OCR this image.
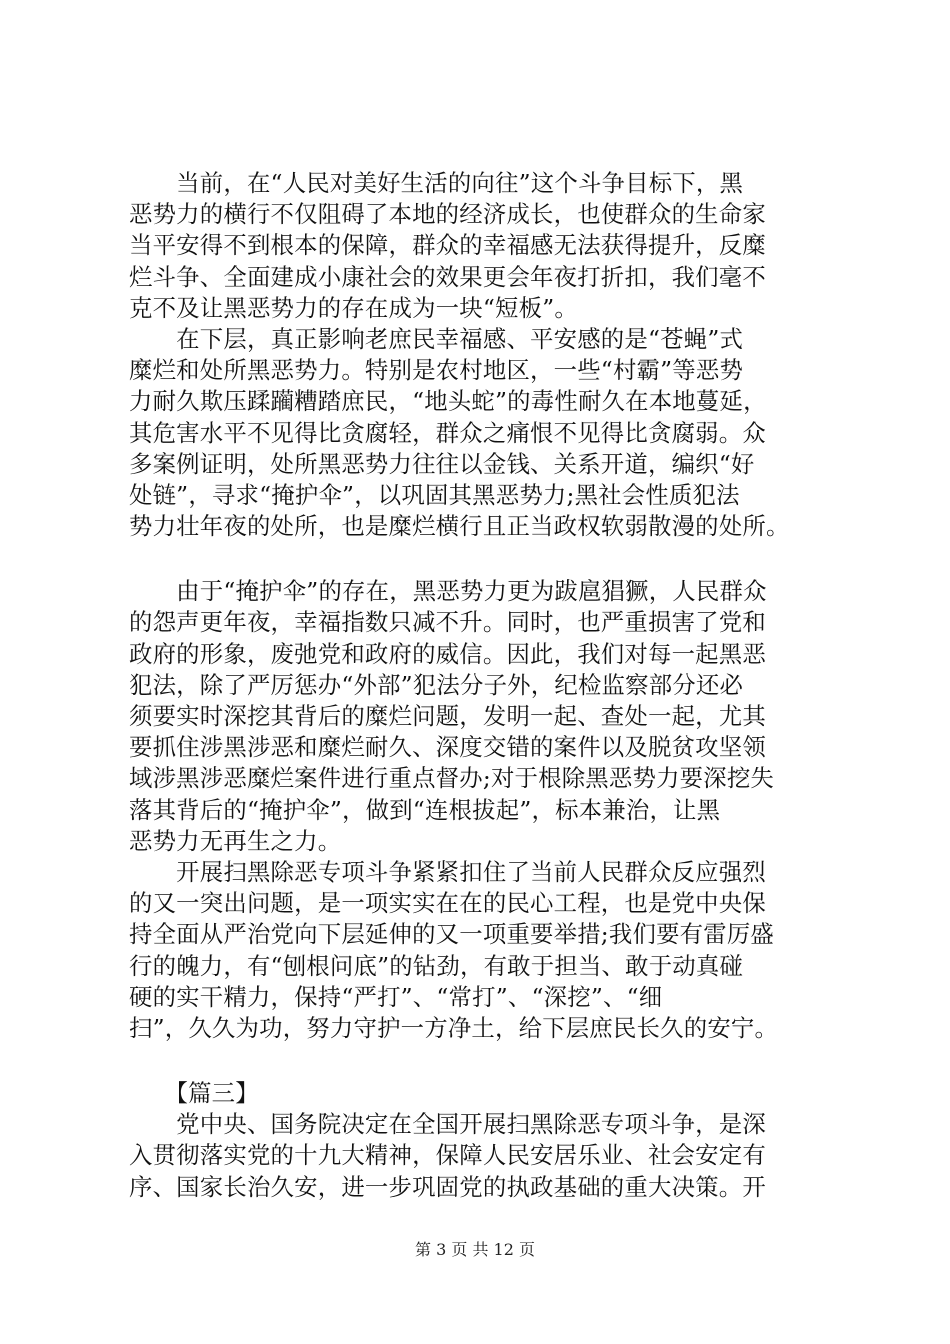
　　当前，在“人民对美好生活的向往”这个斗争目标下，黑
恶势力的横行不仅阻碍了本地的经济成长，也使群众的生命家
当平安得不到根本的保障，群众的幸福感无法获得提升，反糜
烂斗争、全面建成小康社会的效果更会年夜打折扣，我们毫不
克不及让黑恶势力的存在成为一块“短板”。
　　在下层，真正影响老庶民幸福感、平安感的是“苍蝇”式
糜烂和处所黑恶势力。特别是农村地区，一些“村霸”等恶势
力耐久欺压蹂躏糟踏庶民，“地头蛇”的毒性耐久在本地蔓延，
其危害水平不见得比贪腐轻，群众之痛恨不见得比贪腐弱。众
多案例证明，处所黑恶势力往往以金钱、关系开道，编织“好
处链”，寻求“掩护伞”，以巩固其黑恶势力;黑社会性质犯法
势力壮年夜的处所，也是糜烂横行且正当政权软弱散漫的处所。
　　由于“掩护伞”的存在，黑恶势力更为跋扈猖獗，人民群众
的怨声更年夜，幸福指数只减不升。同时，也严重损害了党和
政府的形象，废弛党和政府的威信。因此，我们对每一起黑恶
犯法，除了严厉惩办“外部”犯法分子外，纪检监察部分还必
须要实时深挖其背后的糜烂问题，发明一起、查处一起，尤其
要抓住涉黑涉恶和糜烂耐久、深度交错的案件以及脱贫攻坚领
域涉黑涉恶糜烂案件进行重点督办;对于根除黑恶势力要深挖失
落其背后的“掩护伞”，做到“连根拔起”，标本兼治，让黑
恶势力无再生之力。
　　开展扫黑除恶专项斗争紧紧扣住了当前人民群众反应强烈
的又一突出问题，是一项实实在在的民心工程，也是党中央保
持全面从严治党向下层延伸的又一项重要举措;我们要有雷厉盛
行的魄力，有“刨根问底”的钻劲，有敢于担当、敢于动真碰
硬的实干精力，保持“严打”、“常打”、“深挖”、“细
扫”，久久为功，努力守护一方净土，给下层庶民长久的安宁。
　　【篇三】
　　党中央、国务院决定在全国开展扫黑除恶专项斗争，是深
入贯彻落实党的十九大精神，保障人民安居乐业、社会安定有
序、国家长治久安，进一步巩固党的执政基础的重大决策。开
第 3 页 共 12 页
